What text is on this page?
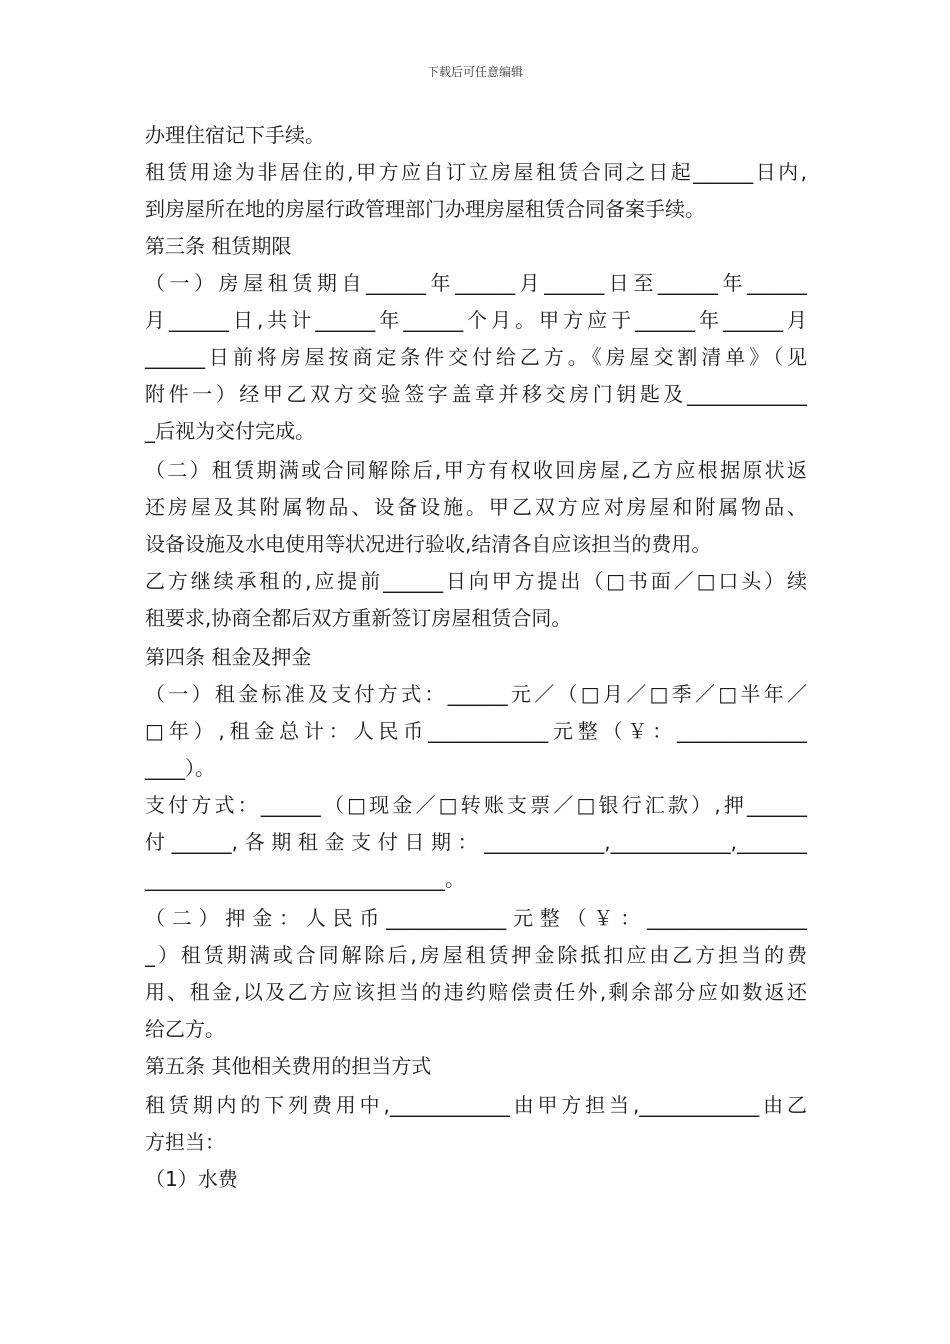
下载后可任意编辑
办理住宿记下手续。
租赁用途为非居住的,甲方应自订立房屋租赁合同之日起______日内,
到房屋所在地的房屋行政管理部门办理房屋租赁合同备案手续。
第三条 租赁期限
（一）房屋租赁期自______年______月______日至______年______
月______日,共计______年______个月。甲方应于______年______月
______日前将房屋按商定条件交付给乙方。《房屋交割清单》（见
附件一）经甲乙双方交验签字盖章并移交房门钥匙及____________
_后视为交付完成。
（二）租赁期满或合同解除后,甲方有权收回房屋,乙方应根据原状返
还房屋及其附属物品、设备设施。甲乙双方应对房屋和附属物品、
设备设施及水电使用等状况进行验收,结清各自应该担当的费用。
乙方继续承租的,应提前______日向甲方提出（□书面／□口头）续
租要求,协商全都后双方重新签订房屋租赁合同。
第四条 租金及押金
（一）租金标准及支付方式：______元／（□月／□季／□半年／
□年）,租金总计：人民币____________元整（￥：_____________
____）。
支付方式：______（□现金／□转账支票／□银行汇款）,押______
付______,各期租金支付日期：____________,____________,_______
______________________________。
（二）押金：人民币____________元整（￥：________________
_）租赁期满或合同解除后,房屋租赁押金除抵扣应由乙方担当的费
用、租金,以及乙方应该担当的违约赔偿责任外,剩余部分应如数返还
给乙方。
第五条 其他相关费用的担当方式
租赁期内的下列费用中,____________由甲方担当,____________由乙
方担当：
（1）水费
